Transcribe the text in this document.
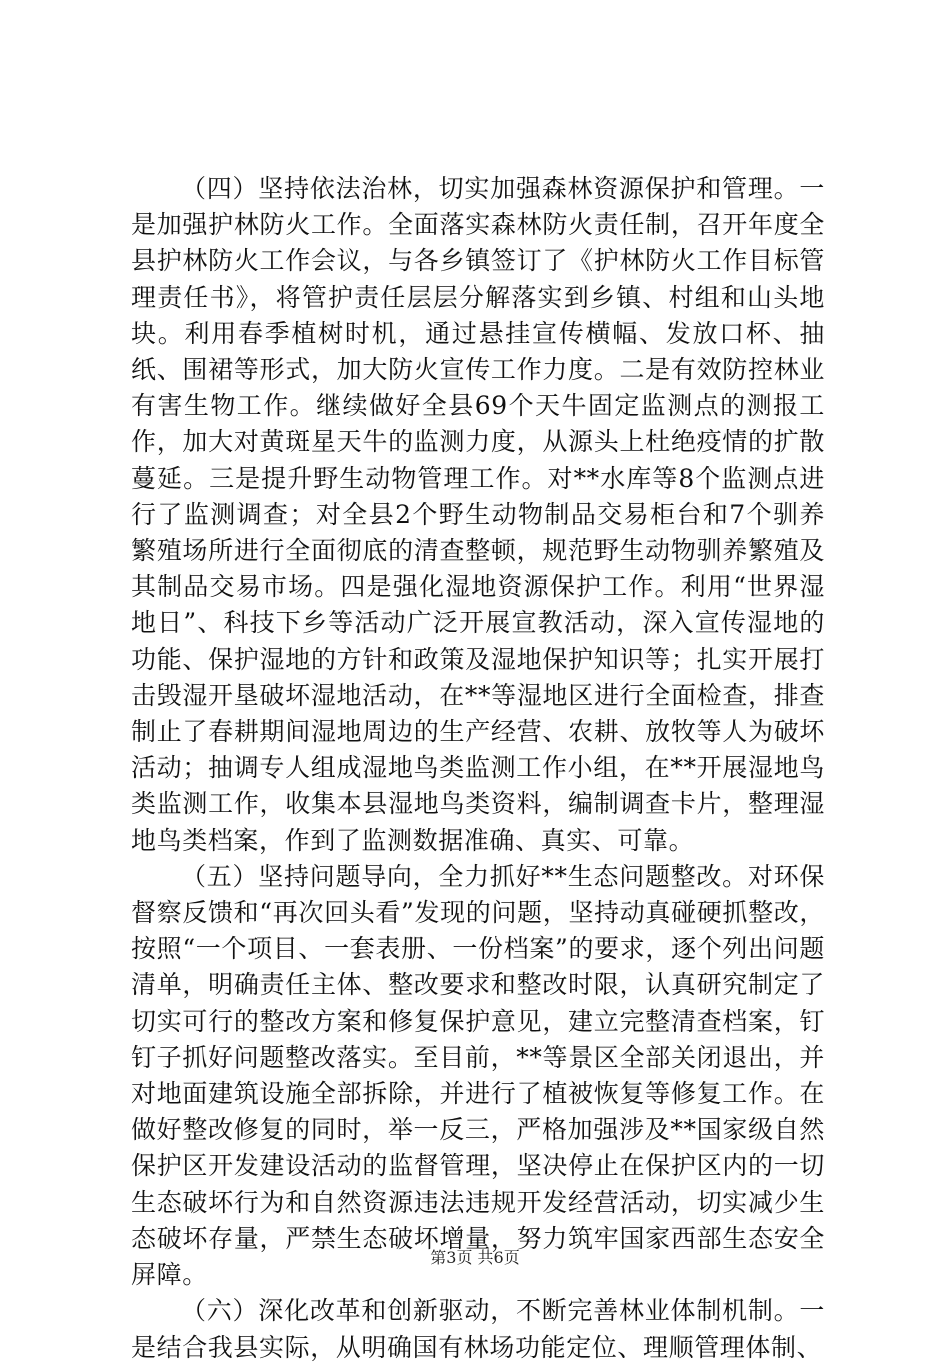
（四）坚持依法治林，切实加强森林资源保护和管理。一是加强护林防火工作。全面落实森林防火责任制，召开年度全县护林防火工作会议，与各乡镇签订了《护林防火工作目标管理责任书》，将管护责任层层分解落实到乡镇、村组和山头地块。利用春季植树时机，通过悬挂宣传横幅、发放口杯、抽纸、围裙等形式，加大防火宣传工作力度。二是有效防控林业有害生物工作。继续做好全县69个天牛固定监测点的测报工作，加大对黄斑星天牛的监测力度，从源头上杜绝疫情的扩散蔓延。三是提升野生动物管理工作。对**水库等8个监测点进行了监测调查；对全县2个野生动物制品交易柜台和7个驯养繁殖场所进行全面彻底的清查整顿，规范野生动物驯养繁殖及其制品交易市场。四是强化湿地资源保护工作。利用“世界湿地日”、科技下乡等活动广泛开展宣教活动，深入宣传湿地的功能、保护湿地的方针和政策及湿地保护知识等；扎实开展打击毁湿开垦破坏湿地活动，在**等湿地区进行全面检查，排查制止了春耕期间湿地周边的生产经营、农耕、放牧等人为破坏活动；抽调专人组成湿地鸟类监测工作小组，在**开展湿地鸟类监测工作，收集本县湿地鸟类资料，编制调查卡片，整理湿地鸟类档案，作到了监测数据准确、真实、可靠。

（五）坚持问题导向，全力抓好**生态问题整改。对环保督察反馈和“再次回头看”发现的问题，坚持动真碰硬抓整改，按照“一个项目、一套表册、一份档案”的要求，逐个列出问题清单，明确责任主体、整改要求和整改时限，认真研究制定了切实可行的整改方案和修复保护意见，建立完整清查档案，钉钉子抓好问题整改落实。至目前，**等景区全部关闭退出，并对地面建筑设施全部拆除，并进行了植被恢复等修复工作。在做好整改修复的同时，举一反三，严格加强涉及**国家级自然保护区开发建设活动的监督管理，坚决停止在保护区内的一切生态破坏行为和自然资源违法违规开发经营活动，切实减少生态破坏存量，严禁生态破坏增量，努力筑牢国家西部生态安全屏障。

（六）深化改革和创新驱动，不断完善林业体制机制。一是结合我县实际，从明确国有林场功能定位、理顺管理体制、

第3页 共6页
